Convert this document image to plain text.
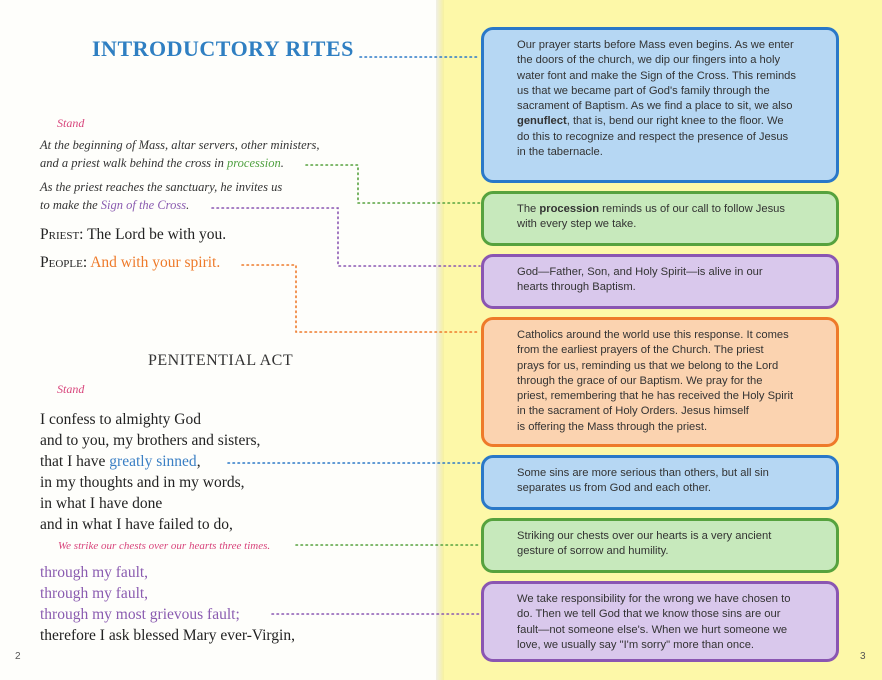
INTRODUCTORY RITES
Stand
At the beginning of Mass, altar servers, other ministers,
and a priest walk behind the cross in procession.
As the priest reaches the sanctuary, he invites us
to make the Sign of the Cross.
Priest: The Lord be with you.
People: And with your spirit.
PENITENTIAL ACT
Stand
I confess to almighty God
and to you, my brothers and sisters,
that I have greatly sinned,
in my thoughts and in my words,
in what I have done
and in what I have failed to do,
We strike our chests over our hearts three times.
through my fault,
through my fault,
through my most grievous fault;
therefore I ask blessed Mary ever-Virgin,
2
Our prayer starts before Mass even begins. As we enter
the doors of the church, we dip our fingers into a holy
water font and make the Sign of the Cross. This reminds
us that we became part of God's family through the
sacrament of Baptism. As we find a place to sit, we also
genuflect, that is, bend our right knee to the floor. We
do this to recognize and respect the presence of Jesus
in the tabernacle.
The procession reminds us of our call to follow Jesus
with every step we take.
God—Father, Son, and Holy Spirit—is alive in our
hearts through Baptism.
Catholics around the world use this response. It comes
from the earliest prayers of the Church. The priest
prays for us, reminding us that we belong to the Lord
through the grace of our Baptism. We pray for the
priest, remembering that he has received the Holy Spirit
in the sacrament of Holy Orders. Jesus himself
is offering the Mass through the priest.
Some sins are more serious than others, but all sin
separates us from God and each other.
Striking our chests over our hearts is a very ancient
gesture of sorrow and humility.
We take responsibility for the wrong we have chosen to
do. Then we tell God that we know those sins are our
fault—not someone else's. When we hurt someone we
love, we usually say "I'm sorry" more than once.
3
